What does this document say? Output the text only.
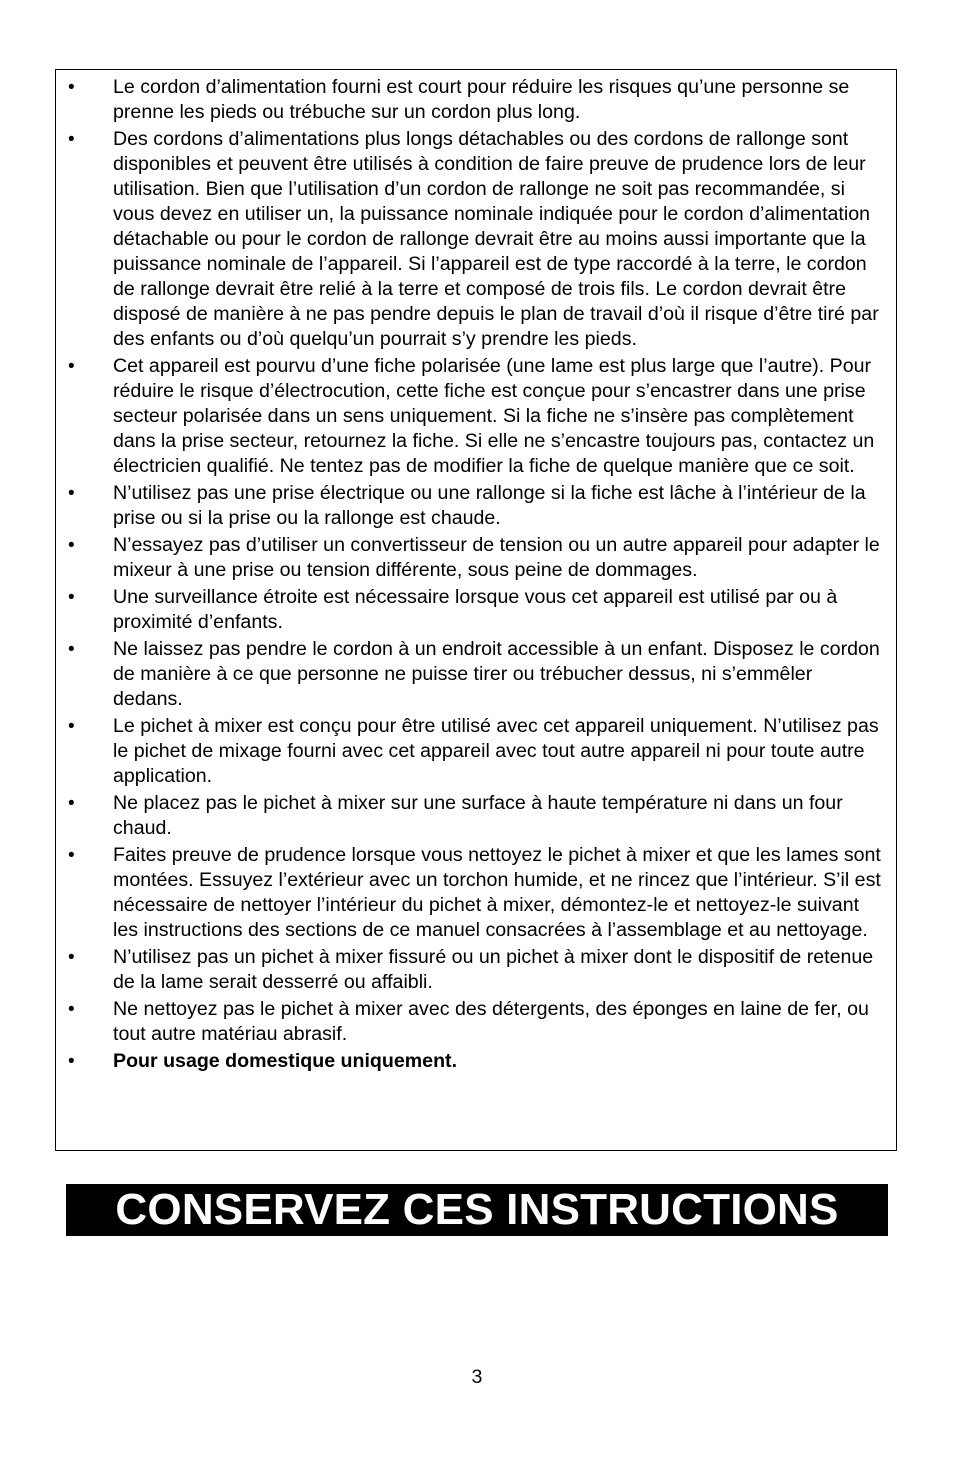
• Le cordon d’alimentation fourni est court pour réduire les risques qu’une personne se prenne les pieds ou trébuche sur un cordon plus long.
• Des cordons d’alimentations plus longs détachables ou des cordons de rallonge sont disponibles et peuvent être utilisés à condition de faire preuve de prudence lors de leur utilisation. Bien que l’utilisation d’un cordon de rallonge ne soit pas recommandée, si vous devez en utiliser un, la puissance nominale indiquée pour le cordon d’alimentation détachable ou pour le cordon de rallonge devrait être au moins aussi importante que la puissance nominale de l’appareil. Si l’appareil est de type raccordé à la terre, le cordon de rallonge devrait être relié à la terre et composé de trois fils. Le cordon devrait être disposé de manière à ne pas pendre depuis le plan de travail d’où il risque d’être tiré par des enfants ou d’où quelqu’un pourrait s’y prendre les pieds.
• Cet appareil est pourvu d’une fiche polarisée (une lame est plus large que l’autre). Pour réduire le risque d’électrocution, cette fiche est conçue pour s’encastrer dans une prise secteur polarisée dans un sens uniquement. Si la fiche ne s’insère pas complètement dans la prise secteur, retournez la fiche. Si elle ne s’encastre toujours pas, contactez un électricien qualifié. Ne tentez pas de modifier la fiche de quelque manière que ce soit.
• N’utilisez pas une prise électrique ou une rallonge si la fiche est lâche à l’intérieur de la prise ou si la prise ou la rallonge est chaude.
• N’essayez pas d’utiliser un convertisseur de tension ou un autre appareil pour adapter le mixeur à une prise ou tension différente, sous peine de dommages.
• Une surveillance étroite est nécessaire lorsque vous cet appareil est utilisé par ou à proximité d’enfants.
• Ne laissez pas pendre le cordon à un endroit accessible à un enfant. Disposez le cordon de manière à ce que personne ne puisse tirer ou trébucher dessus, ni s’emmêler dedans.
• Le pichet à mixer est conçu pour être utilisé avec cet appareil uniquement. N’utilisez pas le pichet de mixage fourni avec cet appareil avec tout autre appareil ni pour toute autre application.
• Ne placez pas le pichet à mixer sur une surface à haute température ni dans un four chaud.
• Faites preuve de prudence lorsque vous nettoyez le pichet à mixer et que les lames sont montées. Essuyez l’extérieur avec un torchon humide, et ne rincez que l’intérieur. S’il est nécessaire de nettoyer l’intérieur du pichet à mixer, démontez-le et nettoyez-le suivant les instructions des sections de ce manuel consacrées à l’assemblage et au nettoyage.
• N’utilisez pas un pichet à mixer fissuré ou un pichet à mixer dont le dispositif de retenue de la lame serait desserré ou affaibli.
• Ne nettoyez pas le pichet à mixer avec des détergents, des éponges en laine de fer, ou tout autre matériau abrasif.
• Pour usage domestique uniquement.
CONSERVEZ CES INSTRUCTIONS
3
